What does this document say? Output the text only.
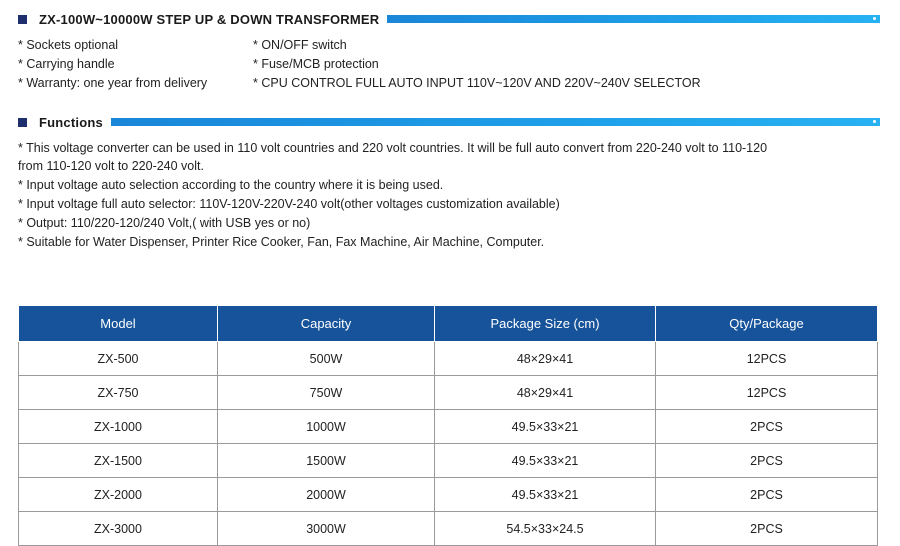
ZX-100W~10000W STEP UP & DOWN TRANSFORMER
* Sockets optional
* Carrying handle
* Warranty: one year from delivery
* ON/OFF switch
* Fuse/MCB protection
* CPU CONTROL FULL AUTO INPUT 110V~120V AND 220V~240V SELECTOR
Functions
* This voltage converter can be used in 110 volt countries and 220 volt countries. It will be full auto convert from 220-240 volt to 110-120
from 110-120 volt to 220-240 volt.
* Input voltage auto selection according to the country where it is being used.
* Input voltage full auto selector: 110V-120V-220V-240 volt(other voltages customization available)
* Output: 110/220-120/240 Volt,( with USB yes or no)
* Suitable for Water Dispenser, Printer Rice Cooker, Fan, Fax Machine, Air Machine, Computer.
Model	Capacity	Package Size (cm)	Qty/Package
ZX-500	500W	48×29×41	12PCS
ZX-750	750W	48×29×41	12PCS
ZX-1000	1000W	49.5×33×21	2PCS
ZX-1500	1500W	49.5×33×21	2PCS
ZX-2000	2000W	49.5×33×21	2PCS
ZX-3000	3000W	54.5×33×24.5	2PCS
